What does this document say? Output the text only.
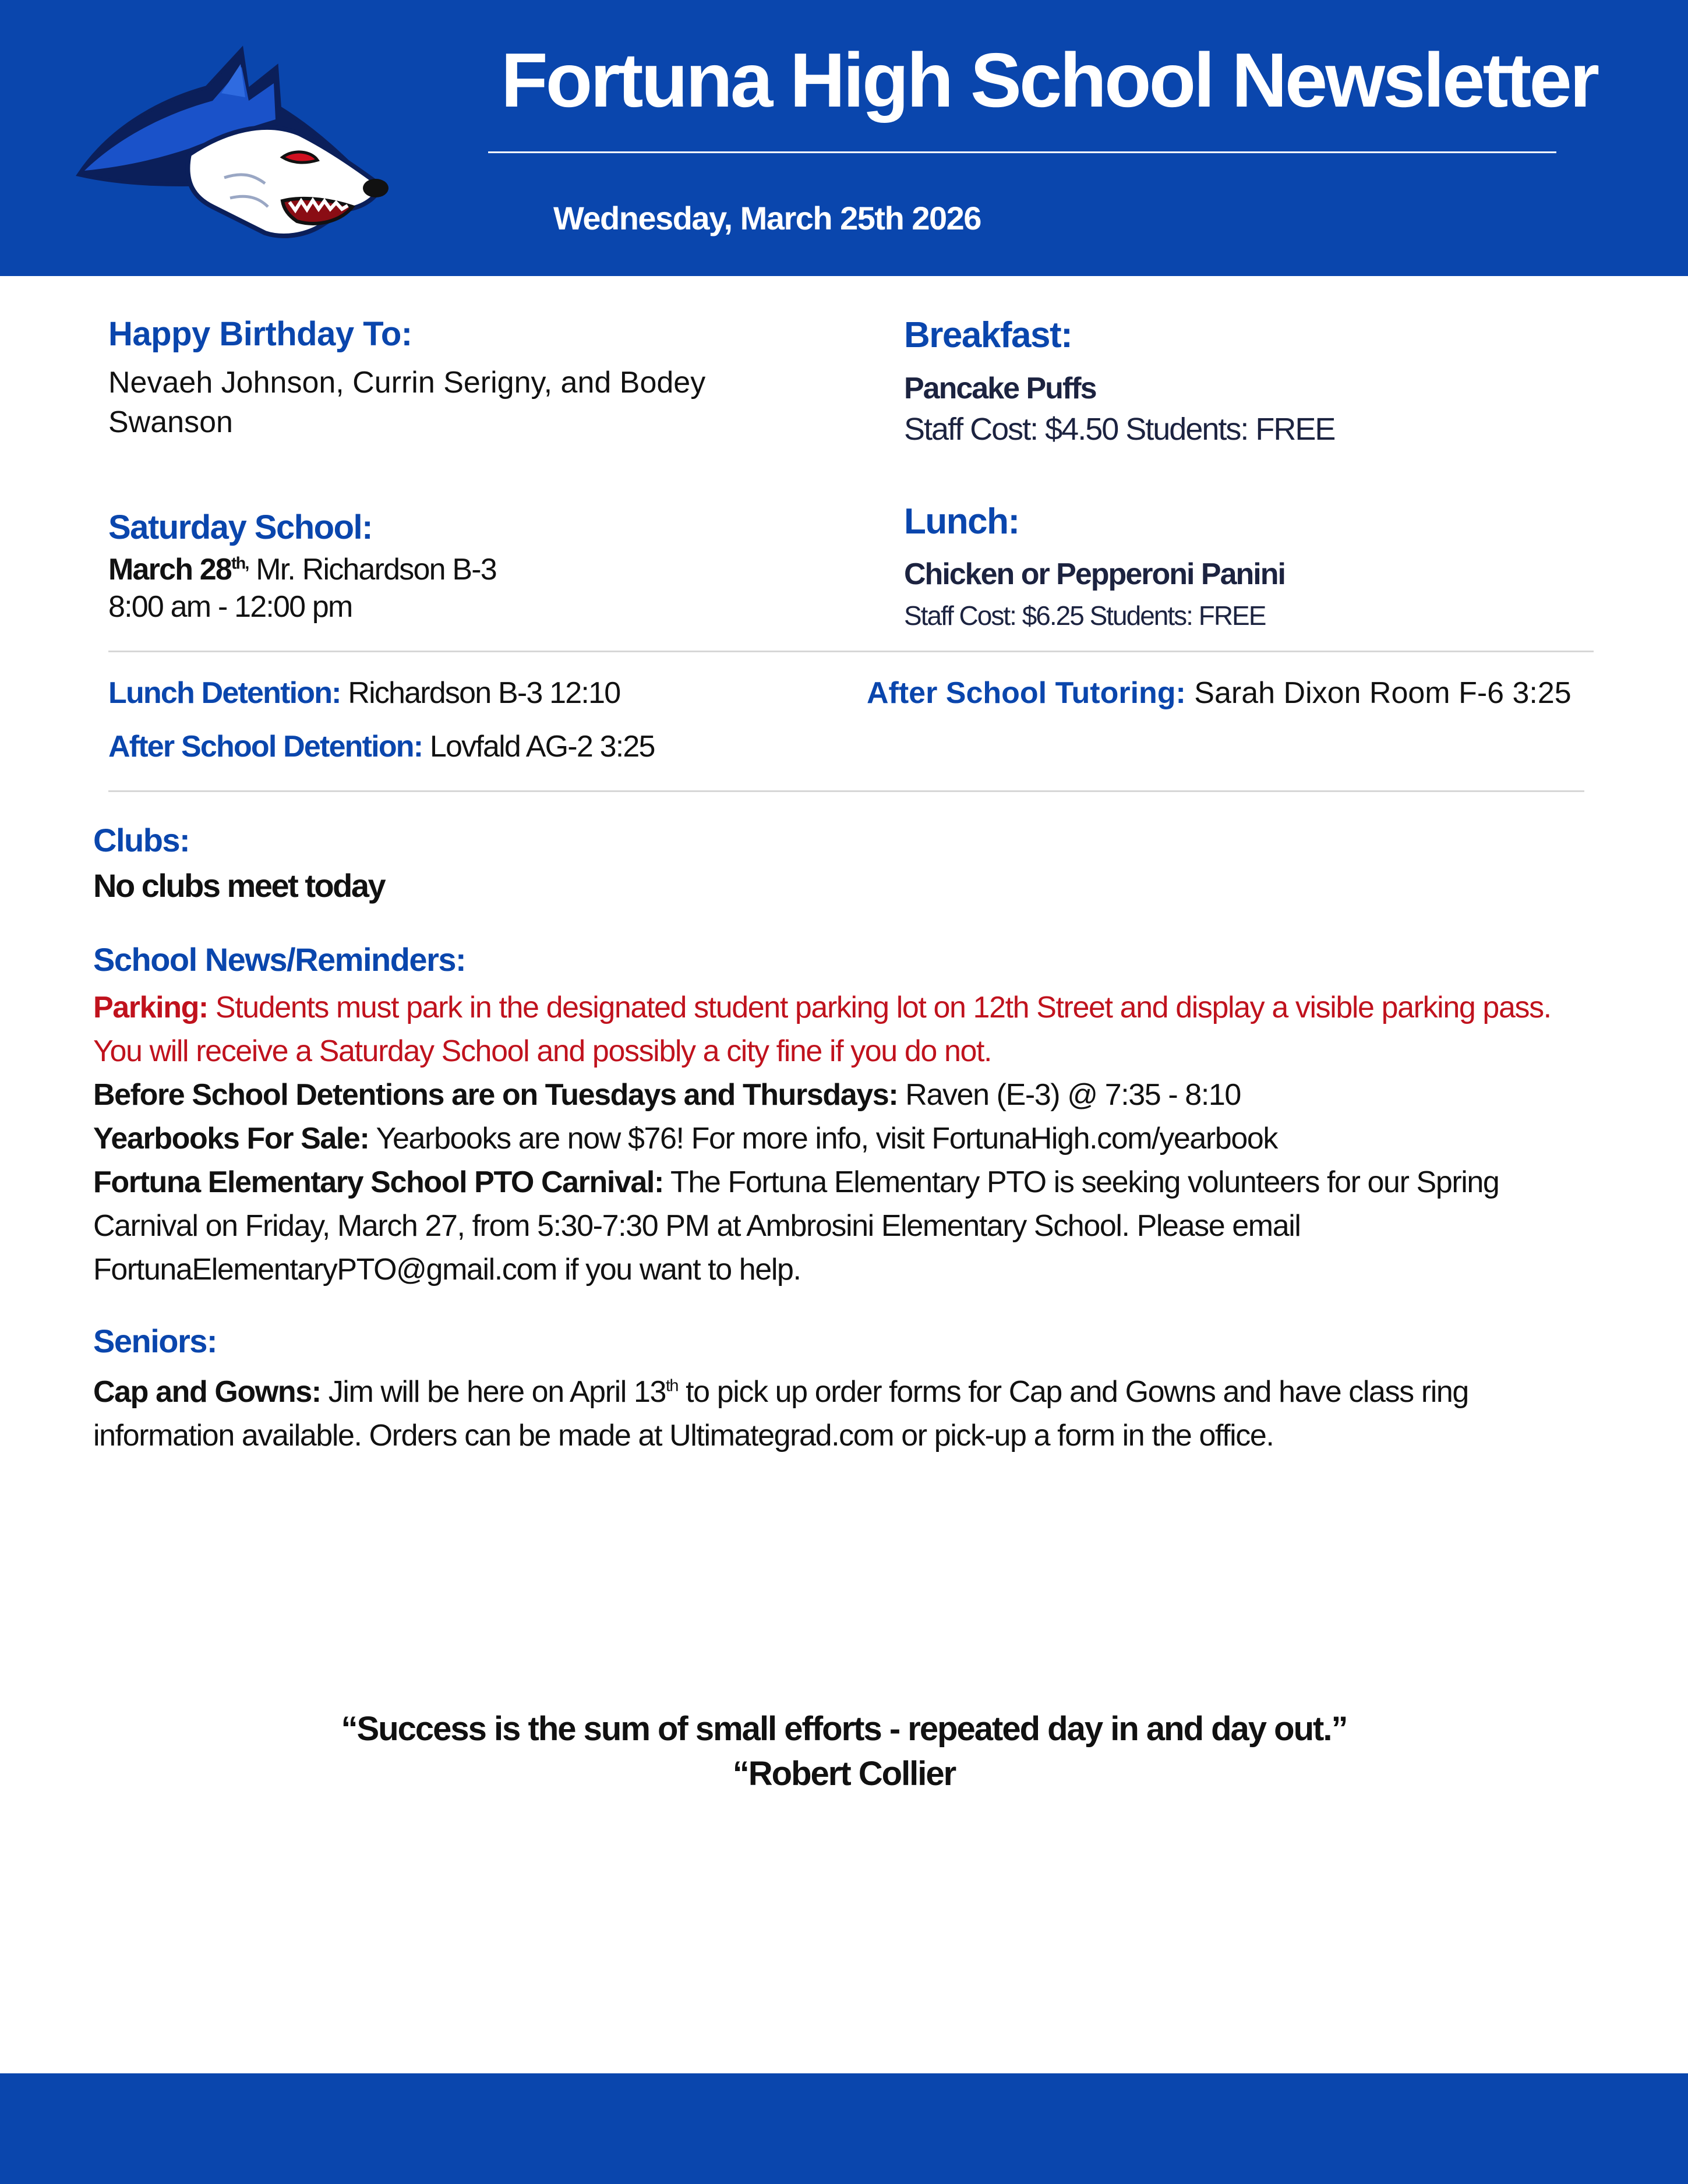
Fortuna High School Newsletter
Wednesday, March 25th 2026
Happy Birthday To:
Nevaeh Johnson, Currin Serigny, and Bodey
Swanson
Breakfast:
Pancake Puffs
Staff Cost: $4.50 Students: FREE
Saturday School:
March $28^{th,}$ Mr. Richardson B-3
8:00 am - 12:00 pm
Lunch:
Chicken or Pepperoni Panini
Staff Cost: $6.25 Students: FREE
Lunch Detention: Richardson B-3 12:10
After School Detention: Lovfald AG-2 3:25
After School Tutoring: Sarah Dixon Room F-6 3:25
Clubs:
No clubs meet today
School News/Reminders:

Parking: Students must park in the designated student parking lot on 12th Street and display a visible parking pass. You will receive a Saturday School and possibly a city fine if you do not.

Before School Detentions are on Tuesdays and Thursdays: Raven (E-3) @ 7:35 - 8:10

Yearbooks For Sale: Yearbooks are now $76! For more info, visit FortunaHigh.com/yearbook

Fortuna Elementary School PTO Carnival: The Fortuna Elementary PTO is seeking volunteers for our Spring Carnival on Friday, March 27, from 5:30-7:30 PM at Ambrosini Elementary School. Please email FortunaElementaryPTO@gmail.com if you want to help.

Seniors:

Cap and Gowns: Jim will be here on April 13th to pick up order forms for Cap and Gowns and have class ring information available. Orders can be made at Ultimategrad.com or pick-up a form in the office.

“Success is the sum of small efforts - repeated day in and day out.”
“Robert Collier
